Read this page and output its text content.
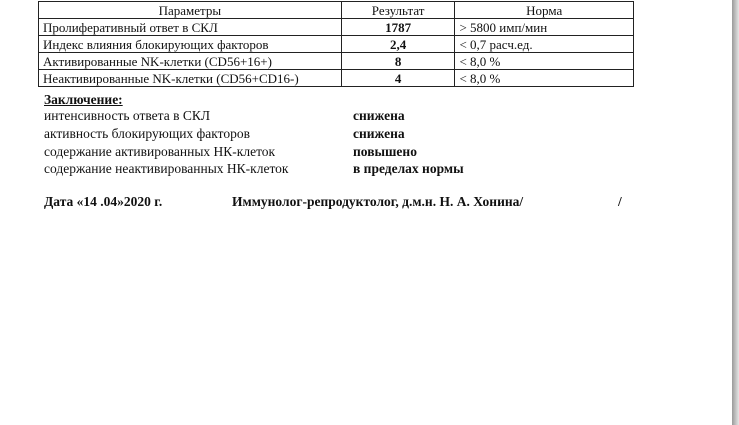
Параметры	Результат	Норма
Пролиферативный ответ в СКЛ	1787	> 5800 имп/мин
Индекс влияния блокирующих факторов	2,4	< 0,7 расч.ед.
Активированные NK-клетки (CD56+16+)	8	< 8,0 %
Неактивированные NK-клетки (CD56+CD16-)	4	< 8,0 %
Заключение:
интенсивность ответа в СКЛ	снижена
активность блокирующих факторов	снижена
содержание активированных НК-клеток	повышено
содержание неактивированных НК-клеток	в пределах нормы
Дата «14 .04»2020 г.	Иммунолог-репродуктолог, д.м.н. Н. А. Хонина/	/
